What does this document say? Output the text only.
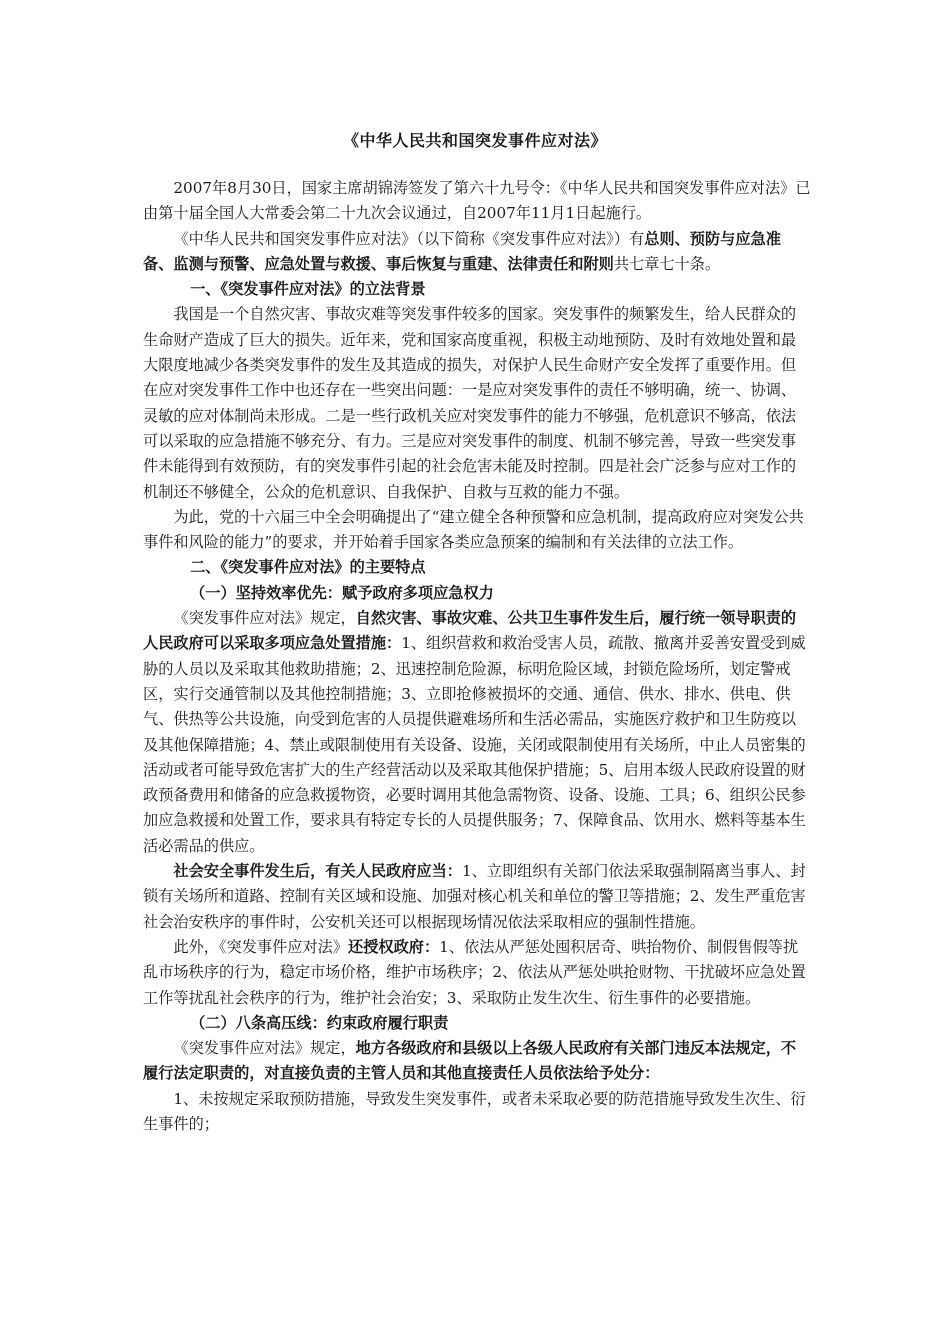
《中华人民共和国突发事件应对法》

2007年8月30日，国家主席胡锦涛签发了第六十九号令：《中华人民共和国突发事件应对法》已由第十届全国人大常委会第二十九次会议通过，自2007年11月1日起施行。

《中华人民共和国突发事件应对法》（以下简称《突发事件应对法》）有总则、预防与应急准备、监测与预警、应急处置与救援、事后恢复与重建、法律责任和附则共七章七十条。

一、《突发事件应对法》的立法背景

我国是一个自然灾害、事故灾难等突发事件较多的国家。突发事件的频繁发生，给人民群众的生命财产造成了巨大的损失。近年来，党和国家高度重视，积极主动地预防、及时有效地处置和最大限度地减少各类突发事件的发生及其造成的损失，对保护人民生命财产安全发挥了重要作用。但在应对突发事件工作中也还存在一些突出问题：一是应对突发事件的责任不够明确，统一、协调、灵敏的应对体制尚未形成。二是一些行政机关应对突发事件的能力不够强，危机意识不够高，依法可以采取的应急措施不够充分、有力。三是应对突发事件的制度、机制不够完善，导致一些突发事件未能得到有效预防，有的突发事件引起的社会危害未能及时控制。四是社会广泛参与应对工作的机制还不够健全，公众的危机意识、自我保护、自救与互救的能力不强。

为此，党的十六届三中全会明确提出了“建立健全各种预警和应急机制，提高政府应对突发公共事件和风险的能力”的要求，并开始着手国家各类应急预案的编制和有关法律的立法工作。

二、《突发事件应对法》的主要特点

（一）坚持效率优先：赋予政府多项应急权力

《突发事件应对法》规定，自然灾害、事故灾难、公共卫生事件发生后，履行统一领导职责的人民政府可以采取多项应急处置措施：1、组织营救和救治受害人员，疏散、撤离并妥善安置受到威胁的人员以及采取其他救助措施；2、迅速控制危险源，标明危险区域，封锁危险场所，划定警戒区，实行交通管制以及其他控制措施；3、立即抢修被损坏的交通、通信、供水、排水、供电、供气、供热等公共设施，向受到危害的人员提供避难场所和生活必需品，实施医疗救护和卫生防疫以及其他保障措施；4、禁止或限制使用有关设备、设施，关闭或限制使用有关场所，中止人员密集的活动或者可能导致危害扩大的生产经营活动以及采取其他保护措施；5、启用本级人民政府设置的财政预备费用和储备的应急救援物资，必要时调用其他急需物资、设备、设施、工具；6、组织公民参加应急救援和处置工作，要求具有特定专长的人员提供服务；7、保障食品、饮用水、燃料等基本生活必需品的供应。

社会安全事件发生后，有关人民政府应当：1、立即组织有关部门依法采取强制隔离当事人、封锁有关场所和道路、控制有关区域和设施、加强对核心机关和单位的警卫等措施；2、发生严重危害社会治安秩序的事件时，公安机关还可以根据现场情况依法采取相应的强制性措施。

此外，《突发事件应对法》还授权政府：1、依法从严惩处囤积居奇、哄抬物价、制假售假等扰乱市场秩序的行为，稳定市场价格，维护市场秩序；2、依法从严惩处哄抢财物、干扰破坏应急处置工作等扰乱社会秩序的行为，维护社会治安；3、采取防止发生次生、衍生事件的必要措施。

（二）八条高压线：约束政府履行职责

《突发事件应对法》规定，地方各级政府和县级以上各级人民政府有关部门违反本法规定，不履行法定职责的，对直接负责的主管人员和其他直接责任人员依法给予处分：

1、未按规定采取预防措施，导致发生突发事件，或者未采取必要的防范措施导致发生次生、衍生事件的；
